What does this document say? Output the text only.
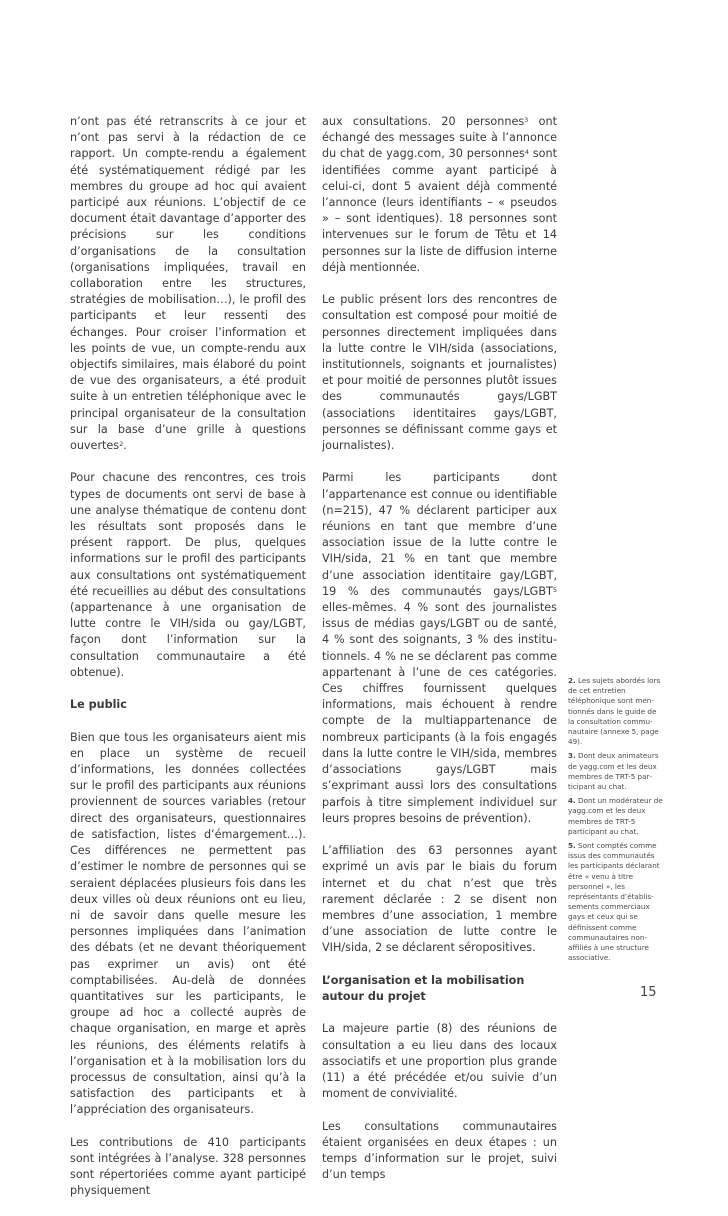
n’ont pas été retranscrits à ce jour et n’ont pas servi à la rédaction de ce rapport. Un compte-rendu a également été systématiquement rédigé par les membres du groupe ad hoc qui avaient participé aux réunions. L’objectif de ce document était davantage d’apporter des précisions sur les conditions d’organisations de la consultation (organisations impliquées, travail en collaboration entre les structures, stratégies de mobilisation…), le profil des participants et leur ressenti des échanges. Pour croiser l’information et les points de vue, un compte-rendu aux objectifs similaires, mais élaboré du point de vue des organisateurs, a été produit suite à un entretien téléphonique avec le principal organisateur de la consultation sur la base d’une grille à questions ouvertes$^2$.

Pour chacune des rencontres, ces trois types de documents ont servi de base à une analyse thématique de contenu dont les résultats sont proposés dans le présent rapport. De plus, quelques informations sur le profil des participants aux consultations ont systématiquement été recueillies au début des consultations (appartenance à une organisation de lutte contre le VIH/sida ou gay/LGBT, façon dont l’information sur la consultation communautaire a été obtenue).

Le public

Bien que tous les organisateurs aient mis en place un système de recueil d’informations, les données collectées sur le profil des participants aux réunions proviennent de sources variables (retour direct des organisateurs, questionnaires de satisfaction, listes d’émargement…). Ces différences ne permettent pas d’estimer le nombre de personnes qui se seraient déplacées plusieurs fois dans les deux villes où deux réunions ont eu lieu, ni de savoir dans quelle mesure les personnes impliquées dans l’animation des débats (et ne devant théoriquement pas exprimer un avis) ont été comptabilisées. Au-delà de données quantitatives sur les participants, le groupe ad hoc a collecté auprès de chaque organisation, en marge et après les réunions, des éléments relatifs à l’organisation et à la mobilisation lors du processus de consultation, ainsi qu’à la satisfaction des participants et à l’appréciation des organisateurs.

Les contributions de 410 participants sont intégrées à l’analyse. 328 personnes sont répertoriées comme ayant participé physiquement

aux consultations. 20 personnes$^3$ ont échangé des messages suite à l’annonce du chat de yagg.com, 30 personnes$^4$ sont identifiées comme ayant participé à celui-ci, dont 5 avaient déjà commenté l’annonce (leurs identifiants – « pseudos » – sont identiques). 18 personnes sont intervenues sur le forum de Têtu et 14 personnes sur la liste de diffusion interne déjà mentionnée.

Le public présent lors des rencontres de consultation est composé pour moitié de personnes directement impliquées dans la lutte contre le VIH/sida (associations, institutionnels, soignants et journalistes) et pour moitié de personnes plutôt issues des communautés gays/LGBT (associations identitaires gays/LGBT, personnes se définissant comme gays et journalistes).

Parmi les participants dont l’appartenance est connue ou identifiable (n=215), 47 % déclarent participer aux réunions en tant que membre d’une association issue de la lutte contre le VIH/sida, 21 % en tant que membre d’une association identitaire gay/LGBT, 19 % des communautés gays/LGBT$^5$ elles-mêmes. 4 % sont des journalistes issus de médias gays/LGBT ou de santé, 4 % sont des soignants, 3 % des institutionnels. 4 % ne se déclarent pas comme appartenant à l’une de ces catégories. Ces chiffres fournissent quelques informations, mais échouent à rendre compte de la multiappartenance de nombreux participants (à la fois engagés dans la lutte contre le VIH/sida, membres d’associations gays/LGBT mais s’exprimant aussi lors des consultations parfois à titre simplement individuel sur leurs propres besoins de prévention).

L’affiliation des 63 personnes ayant exprimé un avis par le biais du forum internet et du chat n’est que très rarement déclarée : 2 se disent non membres d’une association, 1 membre d’une association de lutte contre le VIH/sida, 2 se déclarent séropositives.

L’organisation et la mobilisation autour du projet

La majeure partie (8) des réunions de consultation a eu lieu dans des locaux associatifs et une proportion plus grande (11) a été précédée et/ou suivie d’un moment de convivialité.

Les consultations communautaires étaient organisées en deux étapes : un temps d’information sur le projet, suivi d’un temps

2. Les sujets abordés lors de cet entretien téléphonique sont mentionnés dans le guide de la consultation communautaire (annexe 5, page 49).

3. Dont deux animateurs de yagg.com et les deux membres de TRT-5 participant au chat.

4. Dont un modérateur de yagg.com et les deux membres de TRT-5 participant au chat.

5. Sont comptés comme issus des communautés les participants déclarant être « venu à titre personnel », les représentants d’établissements commerciaux gays et ceux qui se définissent comme communautaires non-affiliés à une structure associative.

15
